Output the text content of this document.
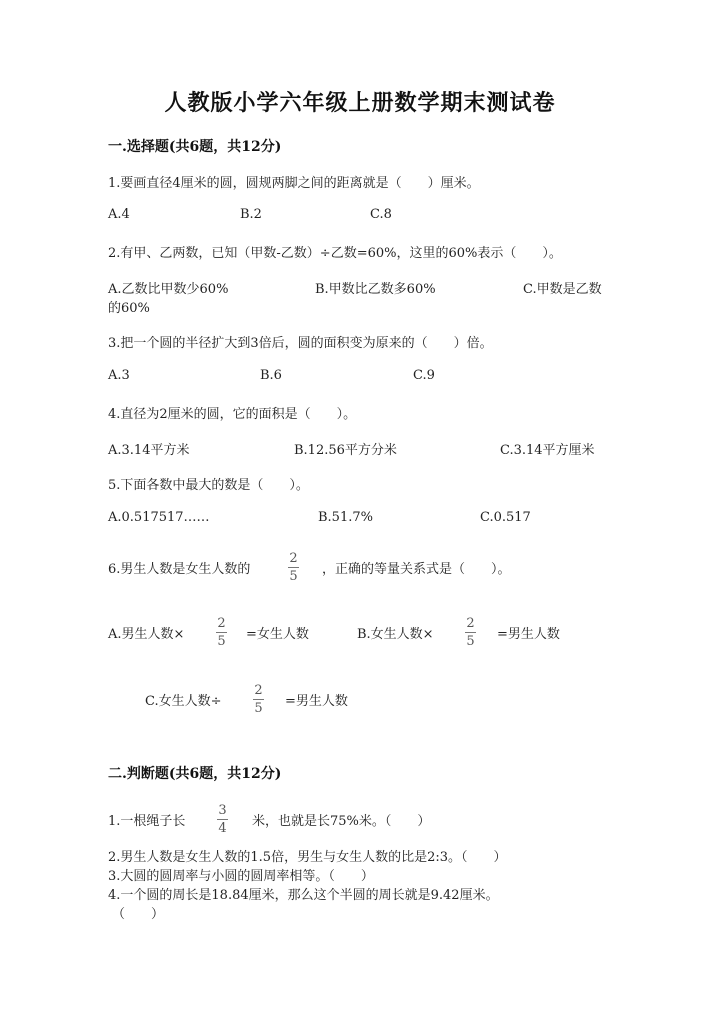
人教版小学六年级上册数学期末测试卷
一.选择题(共6题，共12分)
1.要画直径4厘米的圆，圆规两脚之间的距离就是（　　）厘米。
A.4	B.2	C.8
2.有甲、乙两数，已知（甲数-乙数）÷乙数=60%，这里的60%表示（　　）。
A.乙数比甲数少60%	B.甲数比乙数多60%	C.甲数是乙数
的60%
3.把一个圆的半径扩大到3倍后，圆的面积变为原来的（　　）倍。
A.3	B.6	C.9
4.直径为2厘米的圆，它的面积是（　　）。
A.3.14平方米	B.12.56平方分米	C.3.14平方厘米
5.下面各数中最大的数是（　　）。
A.0.517517……	B.51.7%	C.0.517
6.男生人数是女生人数的
2
5 ，正确的等量关系式是（　　）。
A.男生人数×
2
5 =女生人数	B.女生人数×
2
5 =男生人数
C.女生人数÷
2
5 =男生人数
二.判断题(共6题，共12分)
1.一根绳子长
3
4 米，也就是长75%米。（　　）
2.男生人数是女生人数的1.5倍，男生与女生人数的比是2:3。（　　）
3.大圆的圆周率与小圆的圆周率相等。（　　）
4.一个圆的周长是18.84厘米，那么这个半圆的周长就是9.42厘米。
（　　）
